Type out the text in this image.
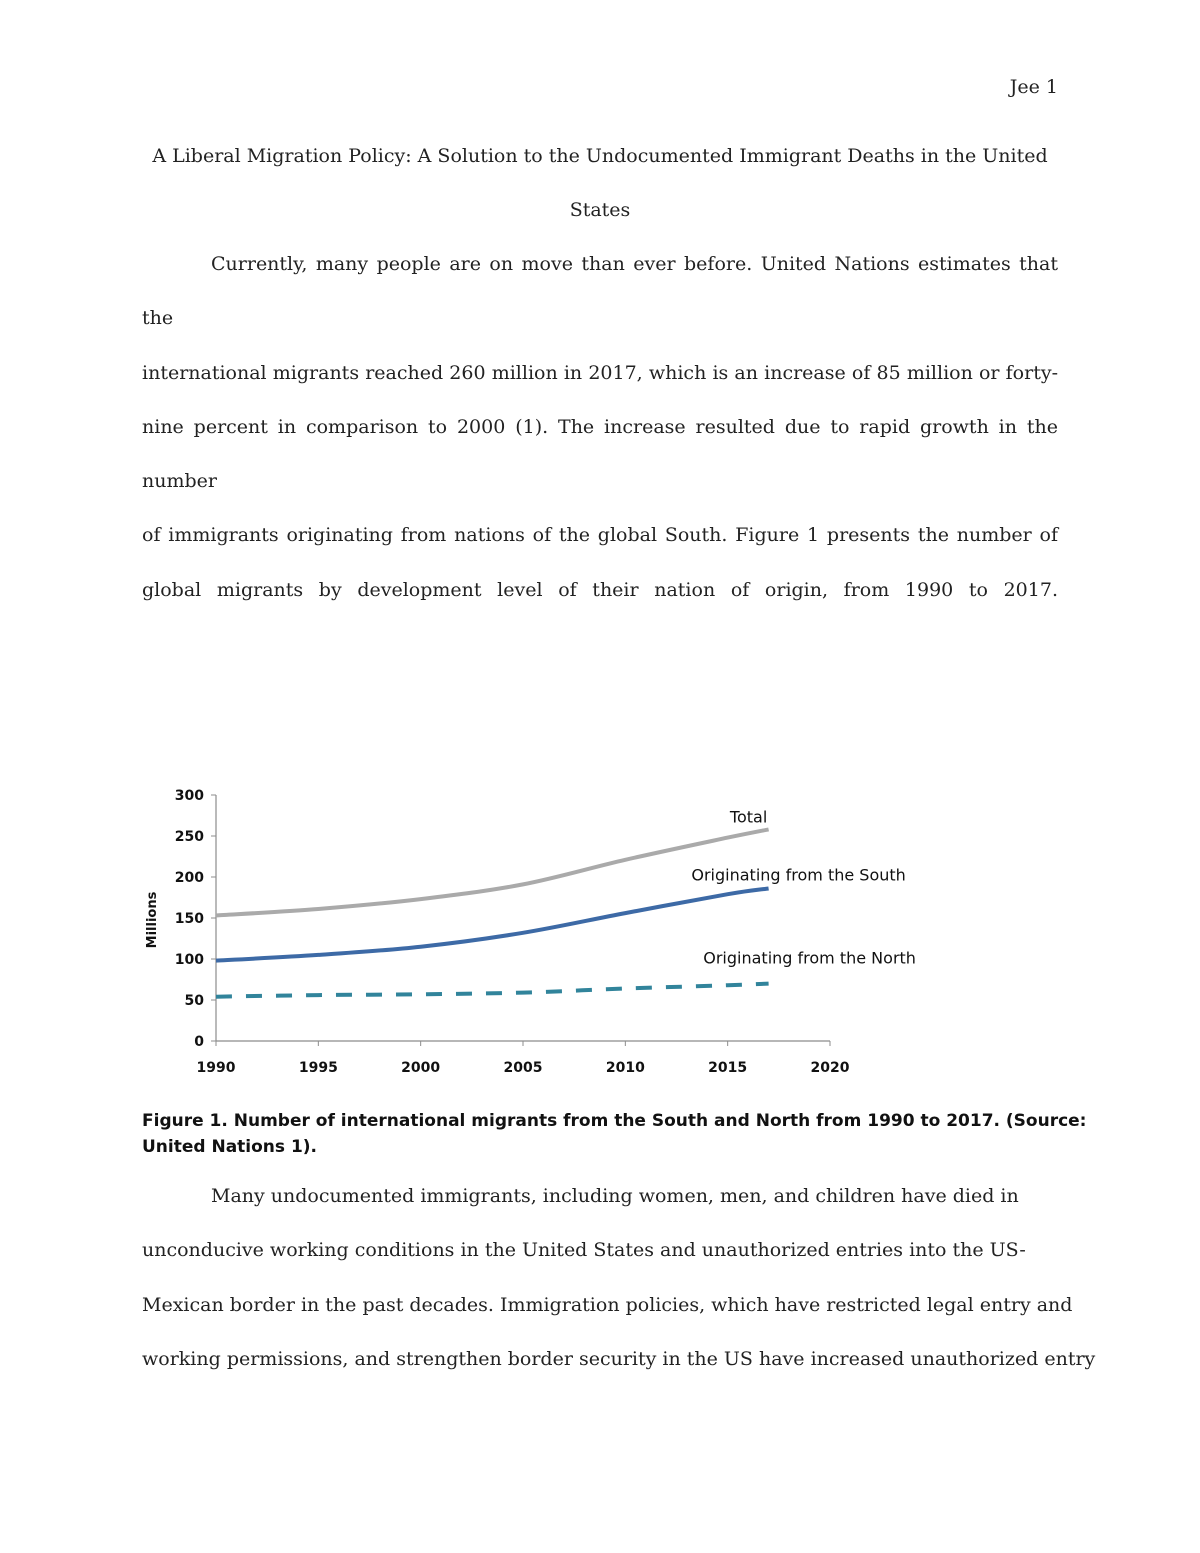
Jee 1
A Liberal Migration Policy: A Solution to the Undocumented Immigrant Deaths in the United
States
Currently, many people are on move than ever before. United Nations estimates that the
international migrants reached 260 million in 2017, which is an increase of 85 million or forty-
nine percent in comparison to 2000 (1). The increase resulted due to rapid growth in the number
of immigrants originating from nations of the global South. Figure 1 presents the number of
global migrants by development level of their nation of origin, from 1990 to 2017.
0
50
100
150
200
250
300
1990	1995	2000	2005	2010	2015	2020
Millions
Total
Originating from the South
Originating from the North
Figure 1. Number of international migrants from the South and North from 1990 to 2017. (Source:
United Nations 1).
Many undocumented immigrants, including women, men, and children have died in
unconducive working conditions in the United States and unauthorized entries into the US-
Mexican border in the past decades. Immigration policies, which have restricted legal entry and
working permissions, and strengthen border security in the US have increased unauthorized entry
